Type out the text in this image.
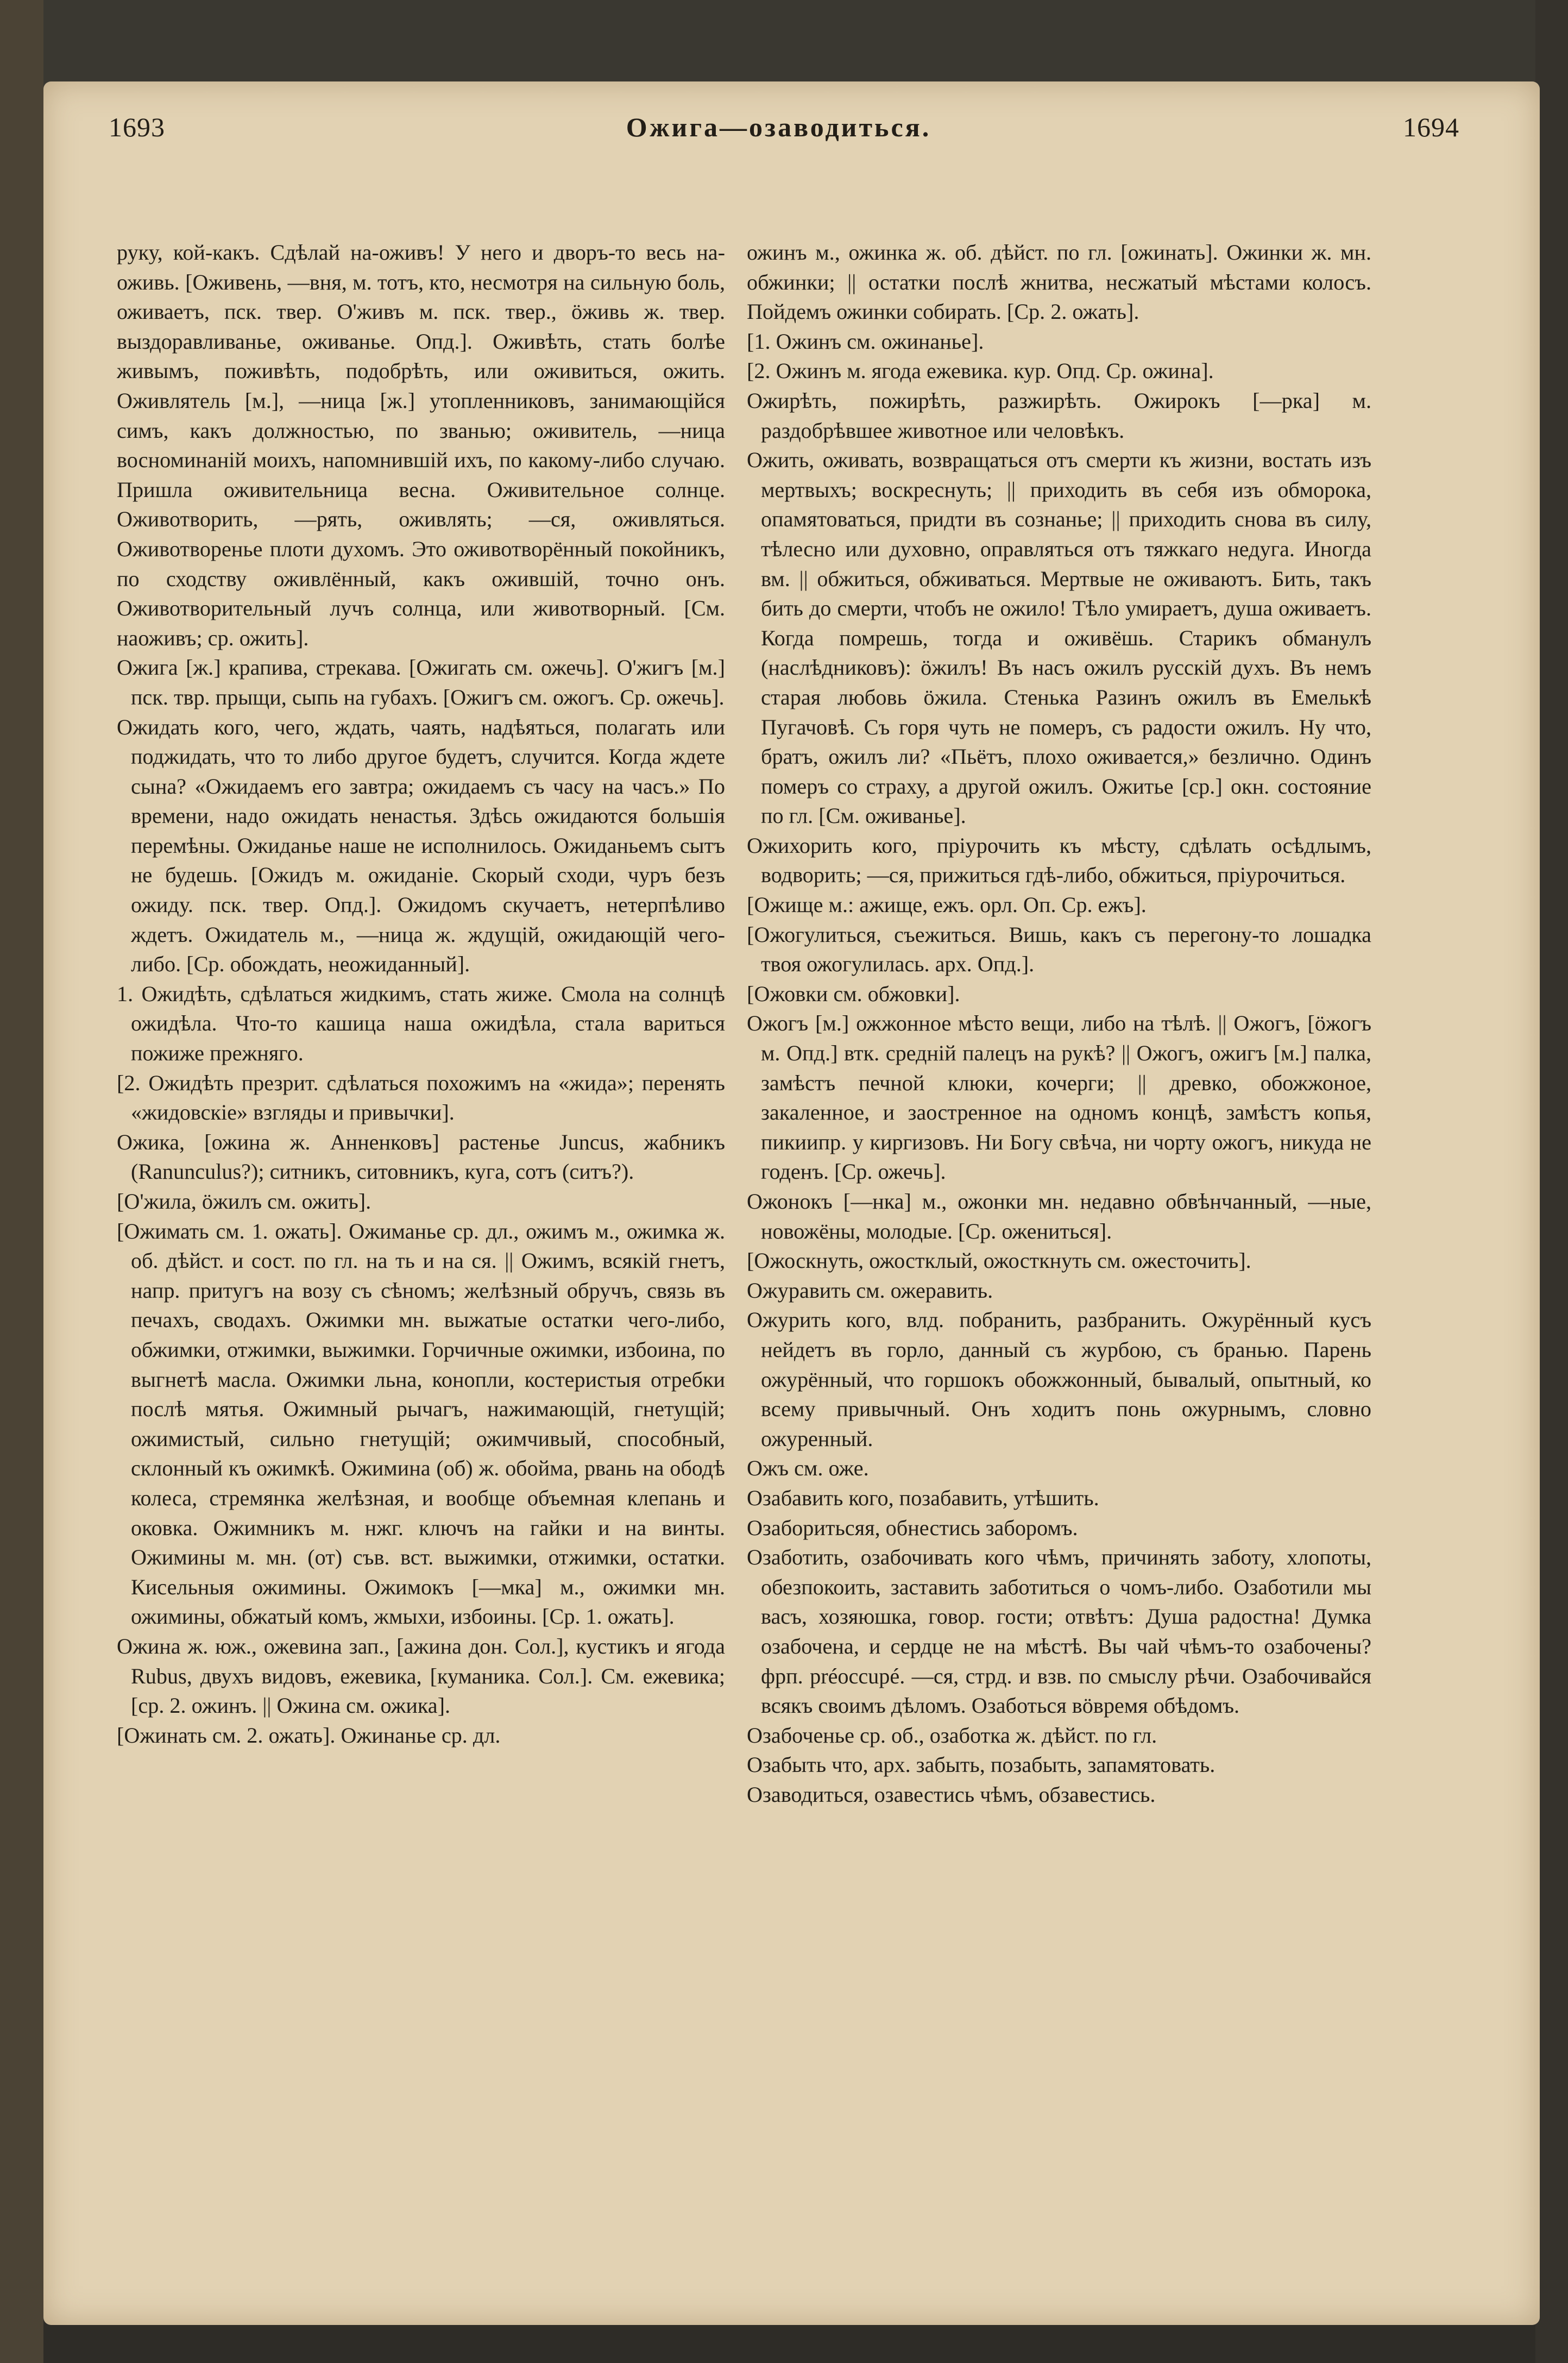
1693	Ожига—озаводиться.	1694

руку, кой-какъ. Сдѣлай на-оживъ! У него и дворъ-то весь на-оживь. [Оживень, —вня, м. тотъ, кто, несмотря на сильную боль, оживаетъ, пск. твер. О'живъ м. пск. твер., ӧживь ж. твер. выздоравливанье, оживанье. Опд.]. Оживѣть, стать болѣе живымъ, поживѣть, подобрѣть, или оживиться, ожить. Оживлятель [м.], —ница [ж.] утопленниковъ, занимающійся симъ, какъ должностью, по званью; оживитель, —ница восноминаній моихъ, напомнившій ихъ, по какому-либо случаю. Пришла оживительница весна. Оживительное солнце. Оживотворить, —рять, оживлять; —ся, оживляться. Оживотворенье плоти духомъ. Это оживотворённый покойникъ, по сходству оживлённый, какъ ожившій, точно онъ. Оживотворительный лучъ солнца, или животворный. [См. наоживъ; ср. ожить].

Ожига [ж.] крапива, стрекава. [Ожигать см. ожечь]. О'жигъ [м.] пск. твр. прыщи, сыпь на губахъ. [Ожигъ см. ожогъ. Ср. ожечь].

Ожидать кого, чего, ждать, чаять, надѣяться, полагать или поджидать, что то либо другое будетъ, случится. Когда ждете сына? «Ожидаемъ его завтра; ожидаемъ съ часу на часъ.» По времени, надо ожидать ненастья. Здѣсь ожидаются большія перемѣны. Ожиданье наше не исполнилось. Ожиданьемъ сытъ не будешь. [Ожидъ м. ожиданіе. Скорый сходи, чуръ безъ ожиду. пск. твер. Опд.]. Ожидомъ скучаетъ, нетерпѣливо ждетъ. Ожидатель м., —ница ж. ждущій, ожидающій чего-либо. [Ср. обождать, неожиданный].

1. Ожидѣть, сдѣлаться жидкимъ, стать жиже. Смола на солнцѣ ожидѣла. Что-то кашица наша ожидѣла, стала вариться пожиже прежняго.

[2. Ожидѣть презрит. сдѣлаться похожимъ на «жида»; перенять «жидовскіе» взгляды и привычки].

Ожика, [ожина ж. Анненковъ] растенье Juncus, жабникъ (Ranunculus?); ситникъ, ситовникъ, куга, сотъ (ситъ?).

[О'жила, ӧжилъ см. ожить].

[Ожимать см. 1. ожать]. Ожиманье ср. дл., ожимъ м., ожимка ж. об. дѣйст. и сост. по гл. на ть и на ся. || Ожимъ, всякій гнетъ, напр. притугъ на возу съ сѣномъ; желѣзный обручъ, связь въ печахъ, сводахъ. Ожимки мн. выжатые остатки чего-либо, обжимки, отжимки, выжимки. Горчичные ожимки, избоина, по выгнетѣ масла. Ожимки льна, конопли, костеристыя отребки послѣ мятья. Ожимный рычагъ, нажимающій, гнетущій; ожимистый, сильно гнетущій; ожимчивый, способный, склонный къ ожимкѣ. Ожимина (об) ж. обойма, рвань на ободѣ колеса, стремянка желѣзная, и вообще объемная клепань и оковка. Ожимникъ м. нжг. ключъ на гайки и на винты. Ожимины м. мн. (от) съв. вст. выжимки, отжимки, остатки. Кисельныя ожимины. Ожимокъ [—мка] м., ожимки мн. ожимины, обжатый комъ, жмыхи, избоины. [Ср. 1. ожать].

Ожина ж. юж., ожевина зап., [ажина дон. Сол.], кустикъ и ягода Rubus, двухъ видовъ, ежевика, [куманика. Сол.]. См. ежевика; [ср. 2. ожинъ. || Ожина см. ожика].

[Ожинать см. 2. ожать]. Ожинанье ср. дл.

ожинъ м., ожинка ж. об. дѣйст. по гл. [ожинать]. Ожинки ж. мн. обжинки; || остатки послѣ жнитва, несжатый мѣстами колосъ. Пойдемъ ожинки собирать. [Ср. 2. ожать].

[1. Ожинъ см. ожинанье].

[2. Ожинъ м. ягода ежевика. кур. Опд. Ср. ожина].

Ожирѣть, пожирѣть, разжирѣть. Ожирокъ [—рка] м. раздобрѣвшее животное или человѣкъ.

Ожить, оживать, возвращаться отъ смерти къ жизни, востать изъ мертвыхъ; воскреснуть; || приходить въ себя изъ обморока, опамятоваться, придти въ сознанье; || приходить снова въ силу, тѣлесно или духовно, оправляться отъ тяжкаго недуга. Иногда вм. || обжиться, обживаться. Мертвые не оживаютъ. Бить, такъ бить до смерти, чтобъ не ожило! Тѣло умираетъ, душа оживаетъ. Когда помрешь, тогда и оживёшь. Старикъ обманулъ (наслѣдниковъ): ӧжилъ! Въ насъ ожилъ русскій духъ. Въ немъ старая любовь ӧжила. Стенька Разинъ ожилъ въ Емелькѣ Пугачовѣ. Съ горя чуть не померъ, съ радости ожилъ. Ну что, братъ, ожилъ ли? «Пьётъ, плохо оживается,» безлично. Одинъ померъ со страху, а другой ожилъ. Ожитье [ср.] окн. состояние по гл. [См. оживанье].

Ожихорить кого, пріурочить къ мѣсту, сдѣлать осѣдлымъ, водворить; —ся, прижиться гдѣ-либо, обжиться, пріурочиться.

[Ожище м.: ажище, ежъ. орл. Оп. Ср. ежъ].

[Ожогулиться, съежиться. Вишь, какъ съ перегону-то лошадка твоя ожогулилась. арх. Опд.].

[Ожовки см. обжовки].

Ожогъ [м.] ожжонное мѣсто вещи, либо на тѣлѣ. || Ожогъ, [ӧжогъ м. Опд.] втк. средній палецъ на рукѣ? || Ожогъ, ожигъ [м.] палка, замѣстъ печной клюки, кочерги; || древко, обожжоное, закаленное, и заостренное на одномъ концѣ, замѣстъ копья, пикиипр. у киргизовъ. Ни Богу свѣча, ни чорту ожогъ, никуда не годенъ. [Ср. ожечь].

Ожонокъ [—нка] м., ожонки мн. недавно обвѣнчанный, —ные, новожёны, молодые. [Ср. ожениться].

[Ожоскнуть, ожостклый, ожосткнуть см. ожесточить].

Ожуравить см. ожеравить.

Ожурить кого, влд. побранить, разбранить. Ожурённый кусъ нейдетъ въ горло, данный съ журбою, съ бранью. Парень ожурённый, что горшокъ обожжонный, бывалый, опытный, ко всему привычный. Онъ ходитъ понь ожурнымъ, словно ожуренный.

Ожъ см. оже.

Озабавить кого, позабавить, утѣшить.

Озаборитьсяя, обнестись заборомъ.

Озаботить, озабочивать кого чѣмъ, причинять заботу, хлопоты, обезпокоить, заставить заботиться о чомъ-либо. Озаботили мы васъ, хозяюшка, говор. гости; отвѣтъ: Душа радостна! Думка озабочена, и сердце не на мѣстѣ. Вы чай чѣмъ-то озабочены? фрп. préoccupé. —ся, стрд. и взв. по смыслу рѣчи. Озабочивайся всякъ своимъ дѣломъ. Озаботься вöвремя обѣдомъ.

Озабоченье ср. об., озаботка ж. дѣйст. по гл.

Озабыть что, арх. забыть, позабыть, запамятовать.

Озаводиться, озавестись чѣмъ, обзавестись.
